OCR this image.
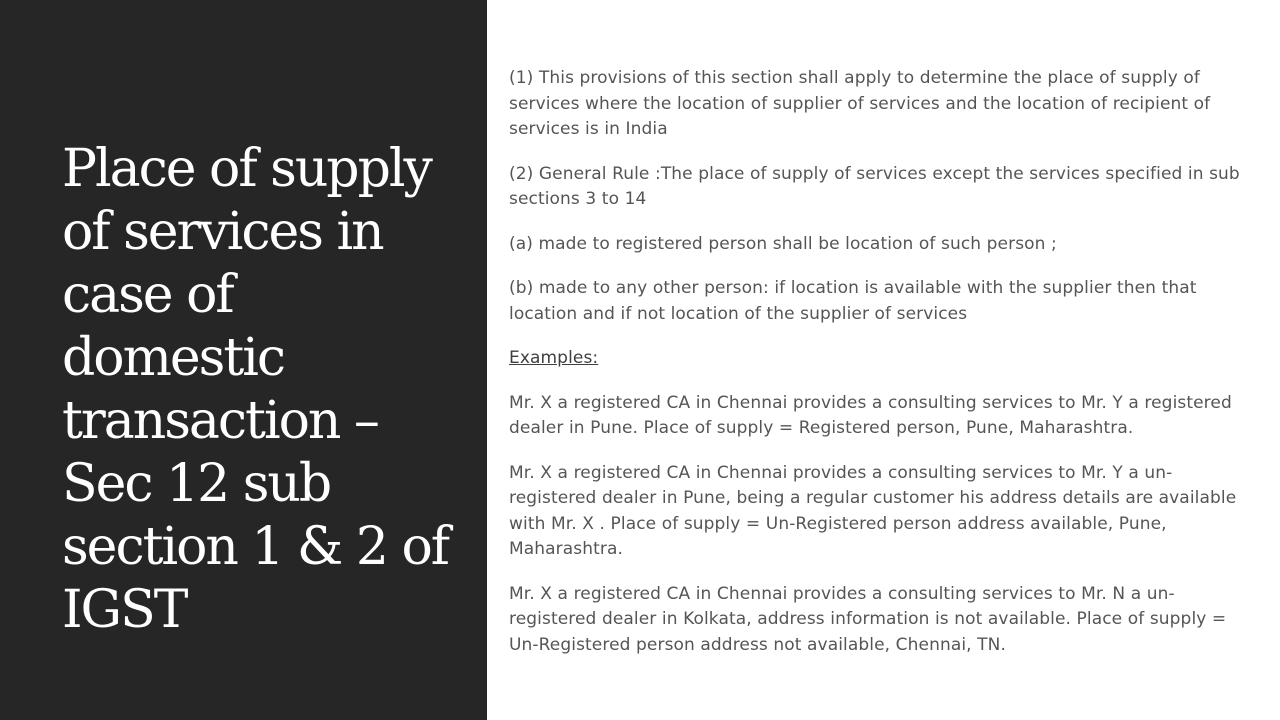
Place of supply
of services in
case of domestic
transaction –
Sec 12 sub
section 1 & 2 of
IGST

(1) This provisions of this section shall apply to determine the place of supply of services where the location of supplier of services and the location of recipient of services is in India

(2) General Rule :The place of supply of services except the services specified in sub sections 3 to 14

(a) made to registered person shall be location of such person ;

(b) made to any other person: if location is available with the supplier then that location and if not location of the supplier of services

Examples:

Mr. X a registered CA in Chennai provides a consulting services to Mr. Y a registered dealer in Pune. Place of supply = Registered person, Pune, Maharashtra.

Mr. X a registered CA in Chennai provides a consulting services to Mr. Y a un-registered dealer in Pune, being a regular customer his address details are available with Mr. X . Place of supply = Un-Registered person address available, Pune, Maharashtra.

Mr. X a registered CA in Chennai provides a consulting services to Mr. N a un-registered dealer in Kolkata, address information is not available. Place of supply = Un-Registered person address not available, Chennai, TN.
